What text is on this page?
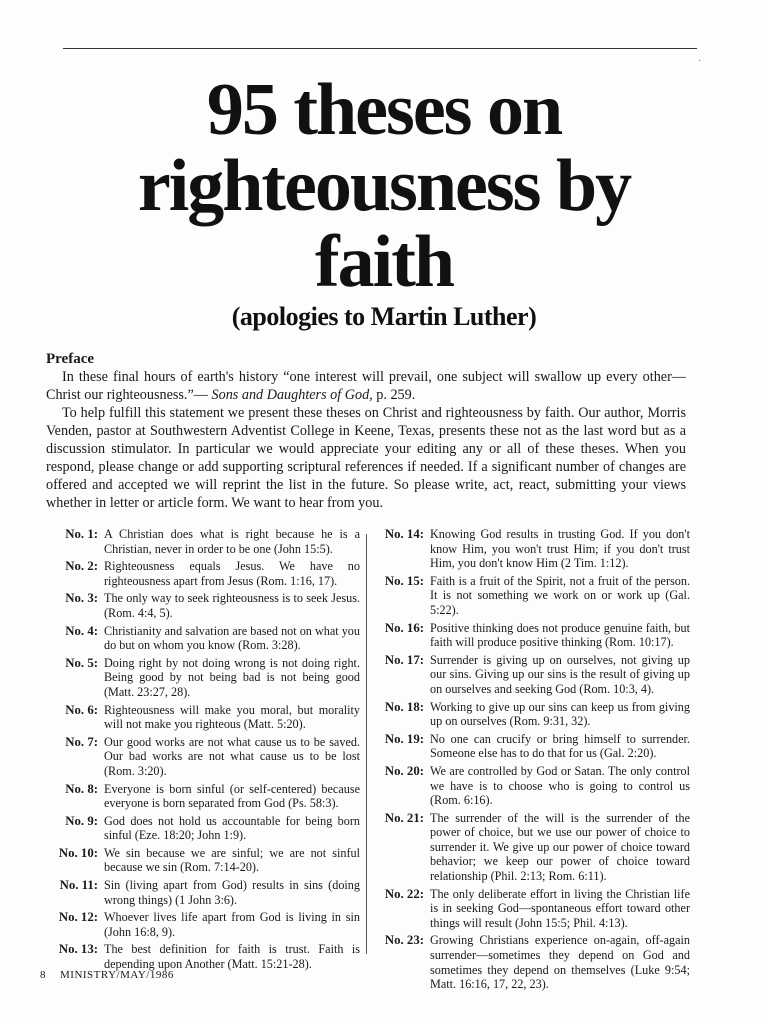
95 theses on
righteousness by
faith
(apologies to Martin Luther)
Preface

In these final hours of earth's history “one interest will prevail, one subject will swallow up every other—Christ our righteousness.”— Sons and Daughters of God, p. 259.

To help fulfill this statement we present these theses on Christ and righteousness by faith. Our author, Morris Venden, pastor at Southwestern Adventist College in Keene, Texas, presents these not as the last word but as a discussion stimulator. In particular we would appreciate your editing any or all of these theses. When you respond, please change or add supporting scriptural references if needed. If a significant number of changes are offered and accepted we will reprint the list in the future. So please write, act, react, submitting your views whether in letter or article form. We want to hear from you.

No. 1: A Christian does what is right because he is a Christian, never in order to be one (John 15:5).
No. 2: Righteousness equals Jesus. We have no righteousness apart from Jesus (Rom. 1:16, 17).
No. 3: The only way to seek righteousness is to seek Jesus. (Rom. 4:4, 5).
No. 4: Christianity and salvation are based not on what you do but on whom you know (Rom. 3:28).
No. 5: Doing right by not doing wrong is not doing right. Being good by not being bad is not being good (Matt. 23:27, 28).
No. 6: Righteousness will make you moral, but morality will not make you righteous (Matt. 5:20).
No. 7: Our good works are not what cause us to be saved. Our bad works are not what cause us to be lost (Rom. 3:20).
No. 8: Everyone is born sinful (or self-centered) because everyone is born separated from God (Ps. 58:3).
No. 9: God does not hold us accountable for being born sinful (Eze. 18:20; John 1:9).
No. 10: We sin because we are sinful; we are not sinful because we sin (Rom. 7:14-20).
No. 11: Sin (living apart from God) results in sins (doing wrong things) (1 John 3:6).
No. 12: Whoever lives life apart from God is living in sin (John 16:8, 9).
No. 13: The best definition for faith is trust. Faith is depending upon Another (Matt. 15:21-28).
No. 14: Knowing God results in trusting God. If you don't know Him, you won't trust Him; if you don't trust Him, you don't know Him (2 Tim. 1:12).
No. 15: Faith is a fruit of the Spirit, not a fruit of the person. It is not something we work on or work up (Gal. 5:22).
No. 16: Positive thinking does not produce genuine faith, but faith will produce positive thinking (Rom. 10:17).
No. 17: Surrender is giving up on ourselves, not giving up our sins. Giving up our sins is the result of giving up on ourselves and seeking God (Rom. 10:3, 4).
No. 18: Working to give up our sins can keep us from giving up on ourselves (Rom. 9:31, 32).
No. 19: No one can crucify or bring himself to surrender. Someone else has to do that for us (Gal. 2:20).
No. 20: We are controlled by God or Satan. The only control we have is to choose who is going to control us (Rom. 6:16).
No. 21: The surrender of the will is the surrender of the power of choice, but we use our power of choice to surrender it. We give up our power of choice toward behavior; we keep our power of choice toward relationship (Phil. 2:13; Rom. 6:11).
No. 22: The only deliberate effort in living the Christian life is in seeking God—spontaneous effort toward other things will result (John 15:5; Phil. 4:13).
No. 23: Growing Christians experience on-again, off-again surrender—sometimes they depend on God and sometimes they depend on themselves (Luke 9:54; Matt. 16:16, 17, 22, 23).
8 MINISTRY/MAY/1986
·
